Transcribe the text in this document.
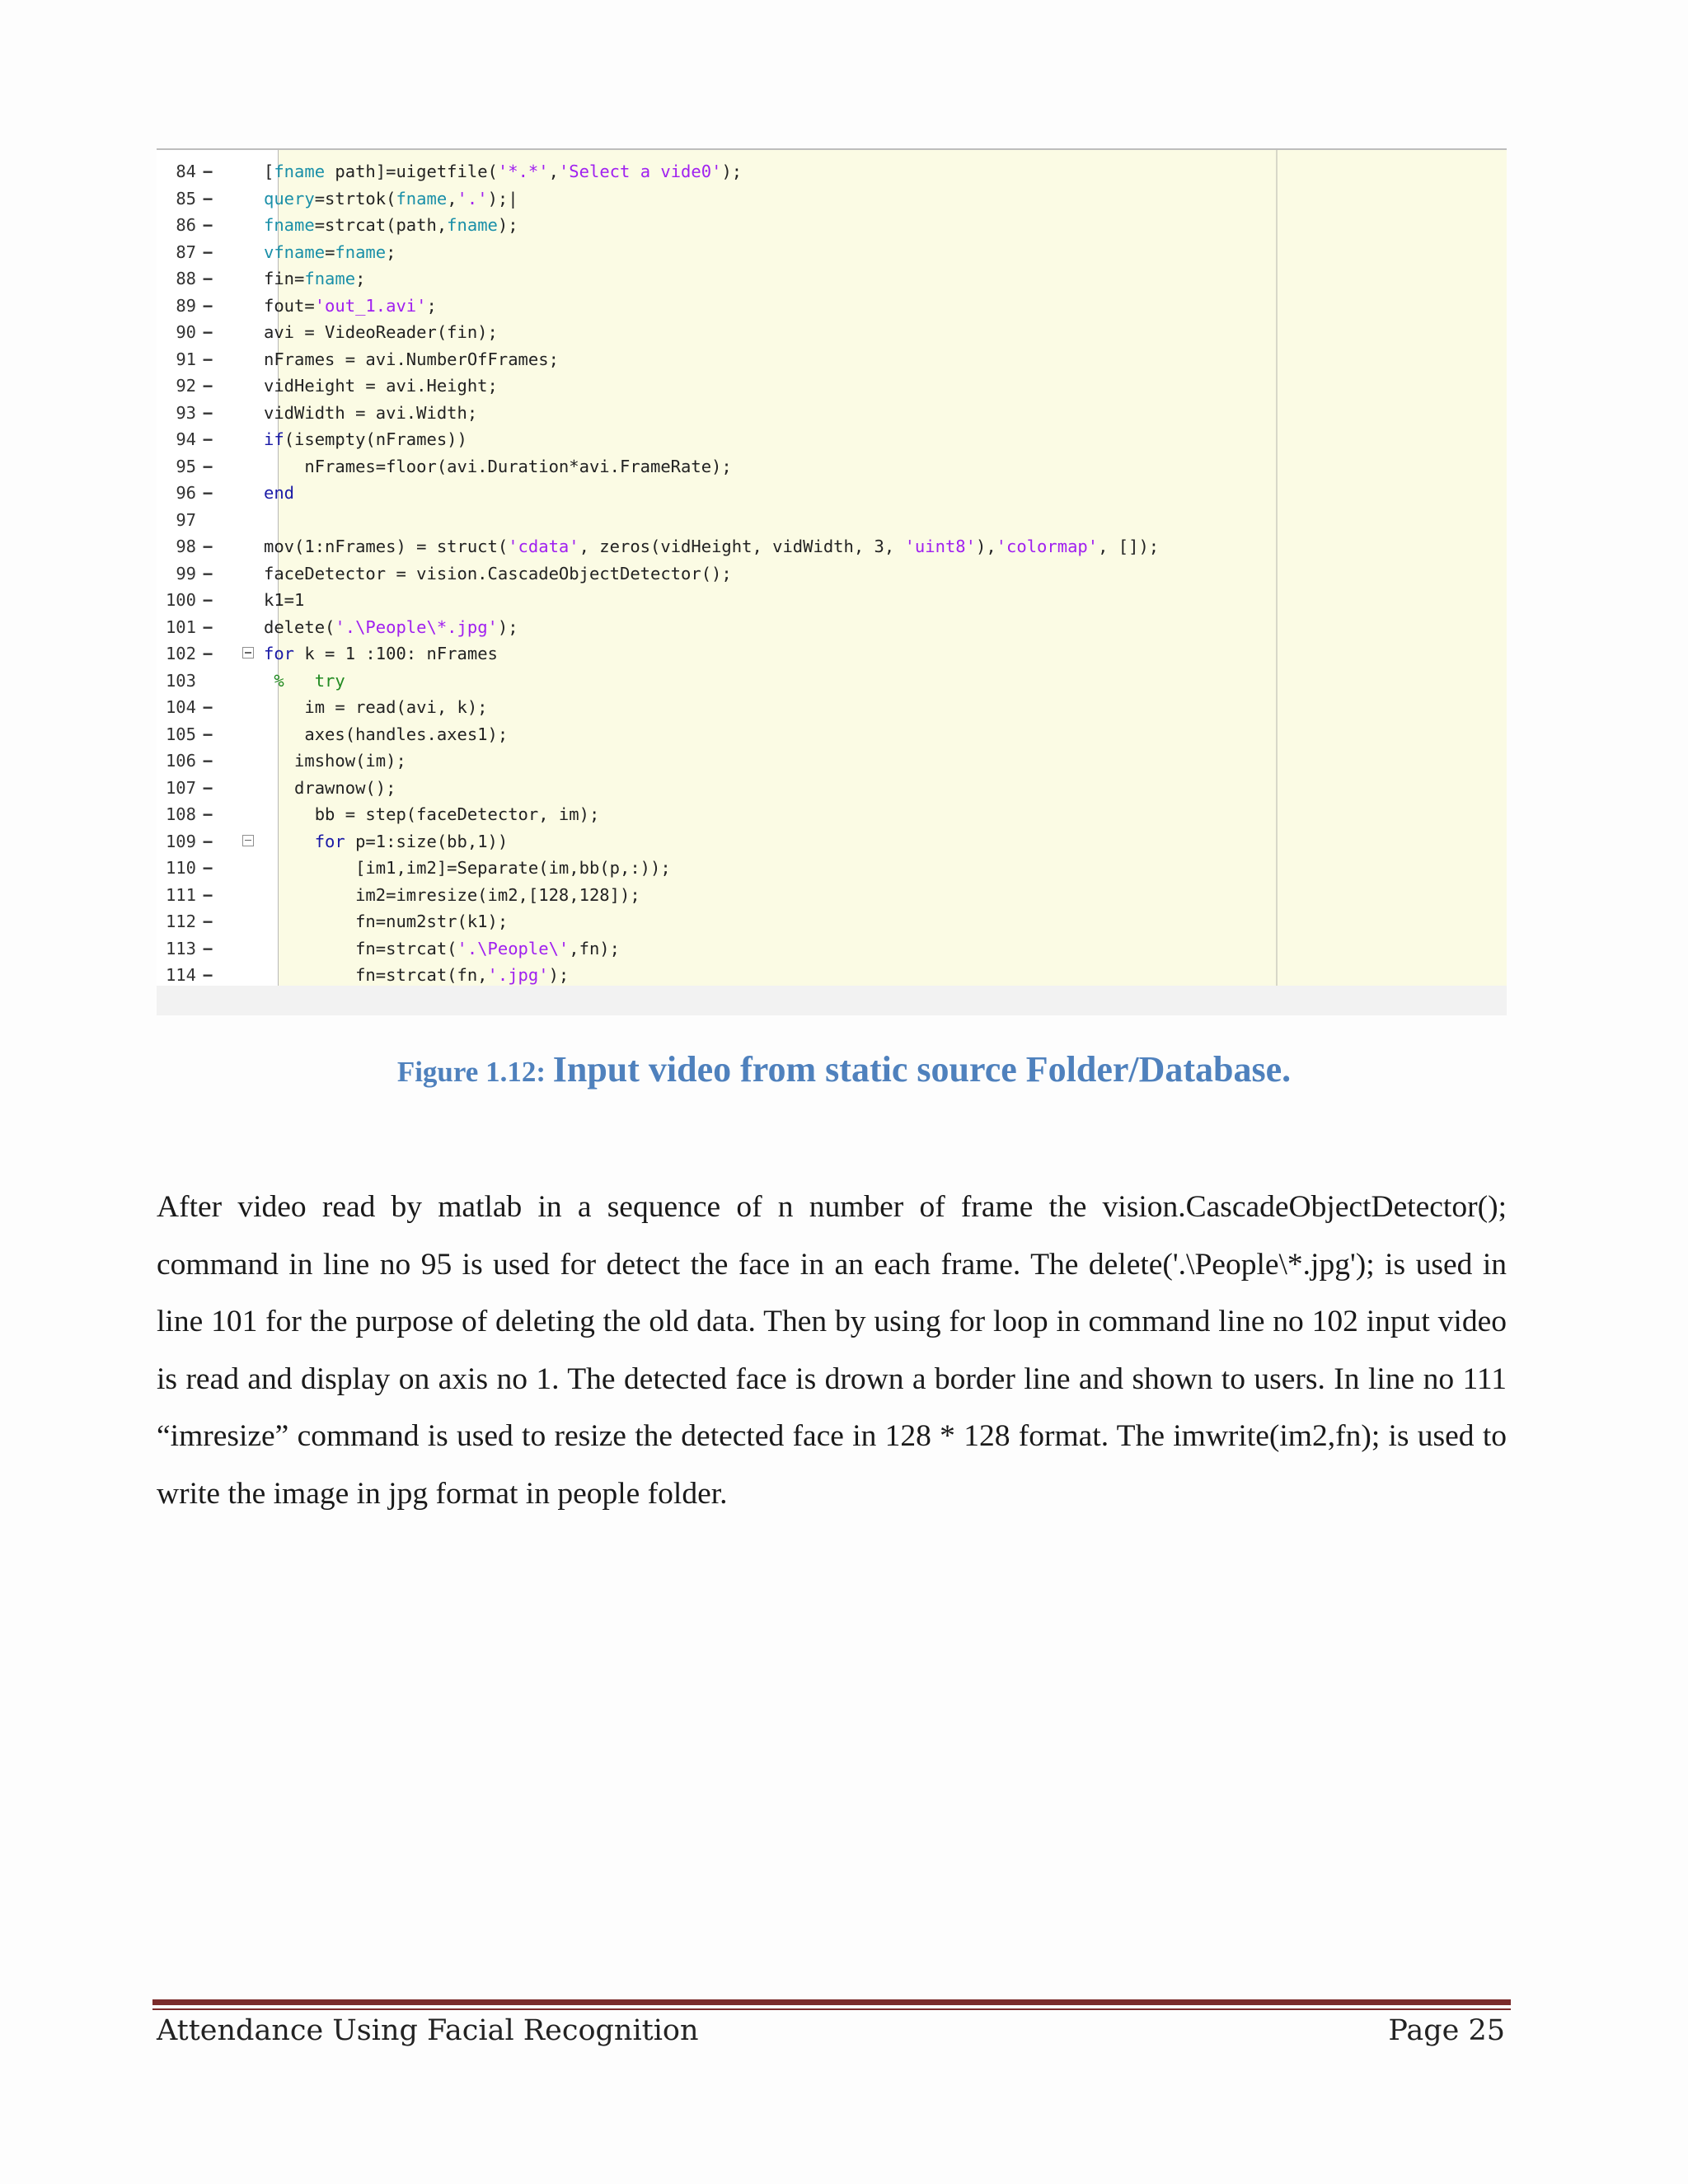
84 −	[fname path]=uigetfile('*.*','Select a vide0');
85 −	query=strtok(fname,'.');|
86 −	fname=strcat(path,fname);
87 −	vfname=fname;
88 −	fin=fname;
89 −	fout='out_1.avi';
90 −	avi = VideoReader(fin);
91 −	nFrames = avi.NumberOfFrames;
92 −	vidHeight = avi.Height;
93 −	vidWidth = avi.Width;
94 −	if(isempty(nFrames))
95 −	nFrames=floor(avi.Duration*avi.FrameRate);
96 −	end
97
98 −	mov(1:nFrames) = struct('cdata', zeros(vidHeight, vidWidth, 3, 'uint8'),'colormap', []);
99 −	faceDetector = vision.CascadeObjectDetector();
100 −	k1=1
101 −	delete('.\People\*.jpg');
102 −	for k = 1 :100: nFrames
103	%   try
104 −	im = read(avi, k);
105 −	axes(handles.axes1);
106 −	imshow(im);
107 −	drawnow();
108 −	bb = step(faceDetector, im);
109 −	for p=1:size(bb,1))
110 −	[im1,im2]=Separate(im,bb(p,:));
111 −	im2=imresize(im2,[128,128]);
112 −	fn=num2str(k1);
113 −	fn=strcat('.\People\',fn);
114 −	fn=strcat(fn,'.jpg');
Figure 1.12: Input video from static source Folder/Database.
After video read by matlab in a sequence of n number of frame the vision.CascadeObjectDetector(); command in line no 95 is used for detect the face in an each frame. The delete('.\People\*.jpg'); is used in line 101 for the purpose of deleting the old data. Then by using for loop in command line no 102 input video is read and display on axis no 1. The detected face is drown a border line and shown to users. In line no 111 “imresize” command is used to resize the detected face in 128 * 128 format. The imwrite(im2,fn); is used to write the image in jpg format in people folder.
Attendance Using Facial Recognition	Page 25
